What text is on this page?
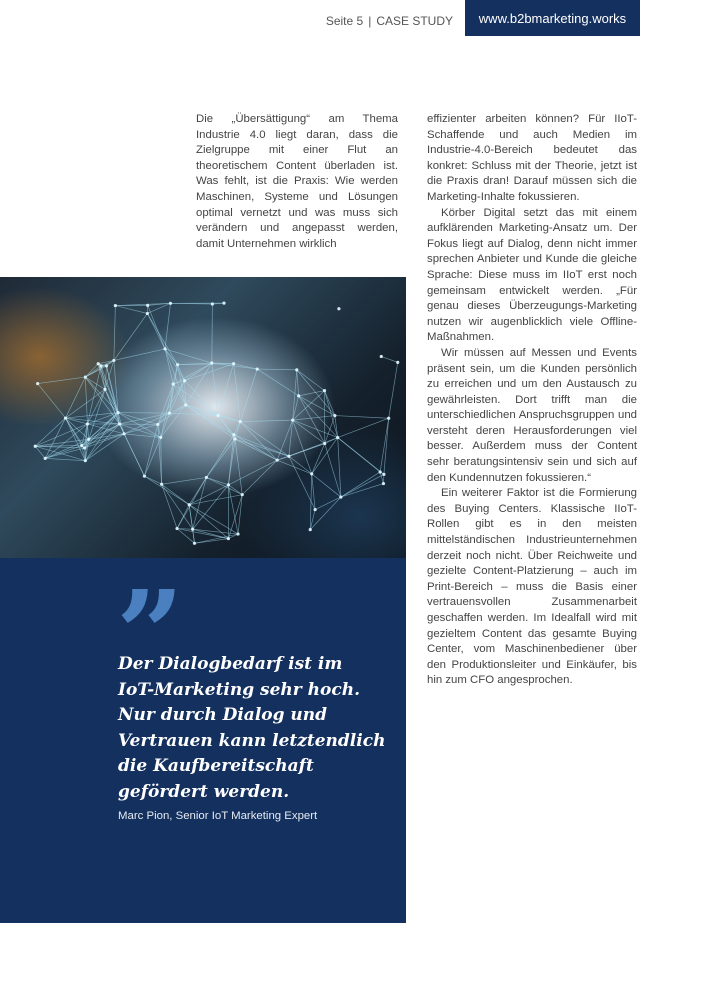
Seite 5 | CASE STUDY www.b2bmarketing.works

Die „Übersättigung“ am Thema Industrie 4.0 liegt daran, dass die Zielgruppe mit einer Flut an theoretischem Content überladen ist. Was fehlt, ist die Praxis: Wie werden Maschinen, Systeme und Lösungen optimal vernetzt und was muss sich verändern und angepasst werden, damit Unternehmen wirklich

effizienter arbeiten können? Für IIoT-Schaffende und auch Medien im Industrie-4.0-Bereich bedeutet das konkret: Schluss mit der Theorie, jetzt ist die Praxis dran! Darauf müssen sich die Marketing-Inhalte fokussieren.

Körber Digital setzt das mit einem aufklärenden Marketing-Ansatz um. Der Fokus liegt auf Dialog, denn nicht immer sprechen Anbieter und Kunde die gleiche Sprache: Diese muss im IIoT erst noch gemeinsam entwickelt werden. „Für genau dieses Überzeugungs-Marketing nutzen wir augenblicklich viele Offline-Maßnahmen.

Wir müssen auf Messen und Events präsent sein, um die Kunden persönlich zu erreichen und um den Austausch zu gewährleisten. Dort trifft man die unterschiedlichen Anspruchsgruppen und versteht deren Herausforderungen viel besser. Außerdem muss der Content sehr beratungsintensiv sein und sich auf den Kundennutzen fokussieren.“

Ein weiterer Faktor ist die Formierung des Buying Centers. Klassische IIoT-Rollen gibt es in den meisten mittelständischen Industrieunternehmen derzeit noch nicht. Über Reichweite und gezielte Content-Platzierung – auch im Print-Bereich – muss die Basis einer vertrauensvollen Zusammenarbeit geschaffen werden. Im Idealfall wird mit gezieltem Content das gesamte Buying Center, vom Maschinenbediener über den Produktionsleiter und Einkäufer, bis hin zum CFO angesprochen.

”
Der Dialogbedarf ist im
IoT-Marketing sehr hoch.
Nur durch Dialog und
Vertrauen kann letztendlich
die Kaufbereitschaft
gefördert werden.
Marc Pion, Senior IoT Marketing Expert
